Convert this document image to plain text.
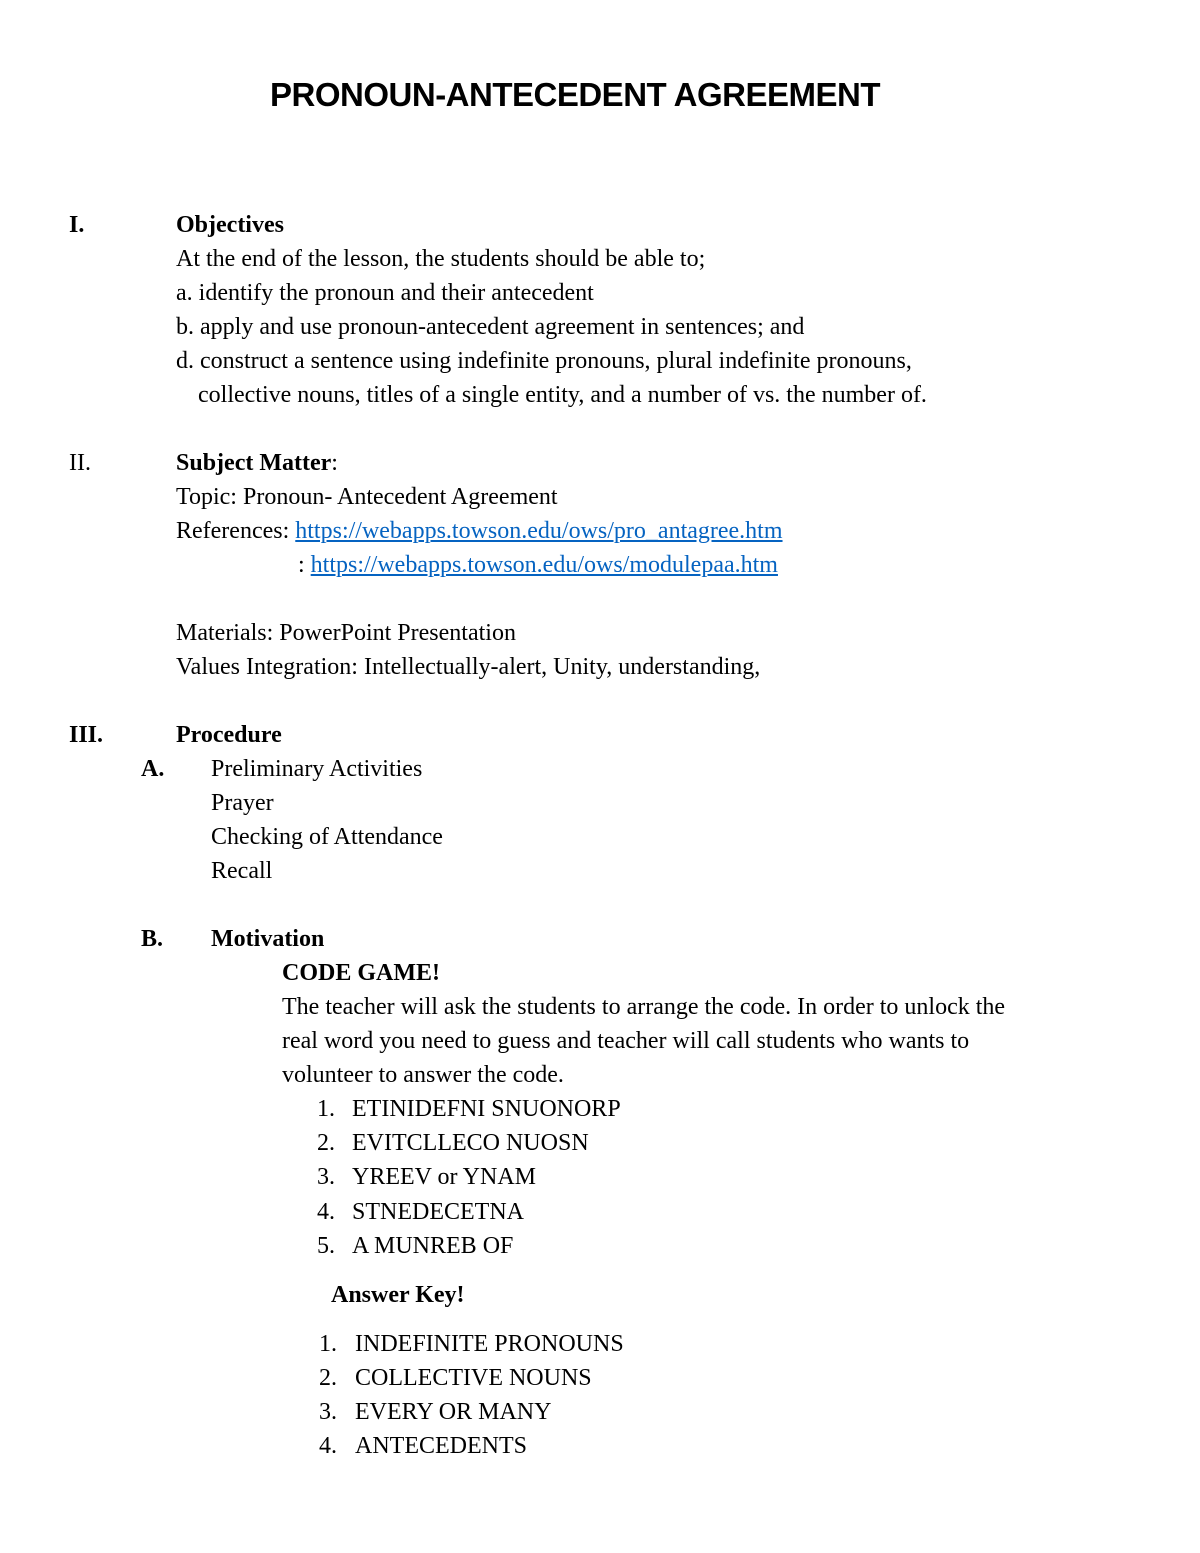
PRONOUN-ANTECEDENT AGREEMENT
I.	Objectives
At the end of the lesson, the students should be able to;
a. identify the pronoun and their antecedent
b. apply and use pronoun-antecedent agreement in sentences; and
d. construct a sentence using indefinite pronouns, plural indefinite pronouns,
collective nouns, titles of a single entity, and a number of vs. the number of.
II.	Subject Matter:
Topic: Pronoun- Antecedent Agreement
References: https://webapps.towson.edu/ows/pro_antagree.htm
: https://webapps.towson.edu/ows/modulepaa.htm
Materials: PowerPoint Presentation
Values Integration: Intellectually-alert, Unity, understanding,
III.	Procedure
A. Preliminary Activities
Prayer
Checking of Attendance
Recall
B. Motivation
CODE GAME!
The teacher will ask the students to arrange the code. In order to unlock the
real word you need to guess and teacher will call students who wants to
volunteer to answer the code.
1. ETINIDEFNI SNUONORP
2. EVITCLLECO NUOSN
3. YREEV or YNAM
4. STNEDECETNA
5. A MUNREB OF
Answer Key!
1. INDEFINITE PRONOUNS
2. COLLECTIVE NOUNS
3. EVERY OR MANY
4. ANTECEDENTS
